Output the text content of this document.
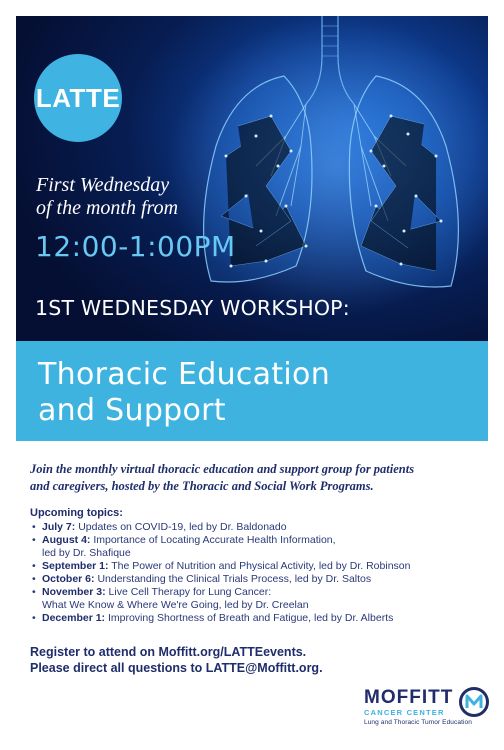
LATTE
First Wednesday
of the month from
12:00-1:00PM
1ST WEDNESDAY WORKSHOP:
Thoracic Education
and Support
Join the monthly virtual thoracic education and support group for patients
and caregivers, hosted by the Thoracic and Social Work Programs.
Upcoming topics:
• July 7: Updates on COVID-19, led by Dr. Baldonado
• August 4: Importance of Locating Accurate Health Information,
led by Dr. Shafique
• September 1: The Power of Nutrition and Physical Activity, led by Dr. Robinson
• October 6: Understanding the Clinical Trials Process, led by Dr. Saltos
• November 3: Live Cell Therapy for Lung Cancer:
What We Know & Where We're Going, led by Dr. Creelan
• December 1: Improving Shortness of Breath and Fatigue, led by Dr. Alberts
Register to attend on Moffitt.org/LATTEevents.
Please direct all questions to LATTE@Moffitt.org.
MOFFITT
CANCER CENTER
Lung and Thoracic Tumor Education
